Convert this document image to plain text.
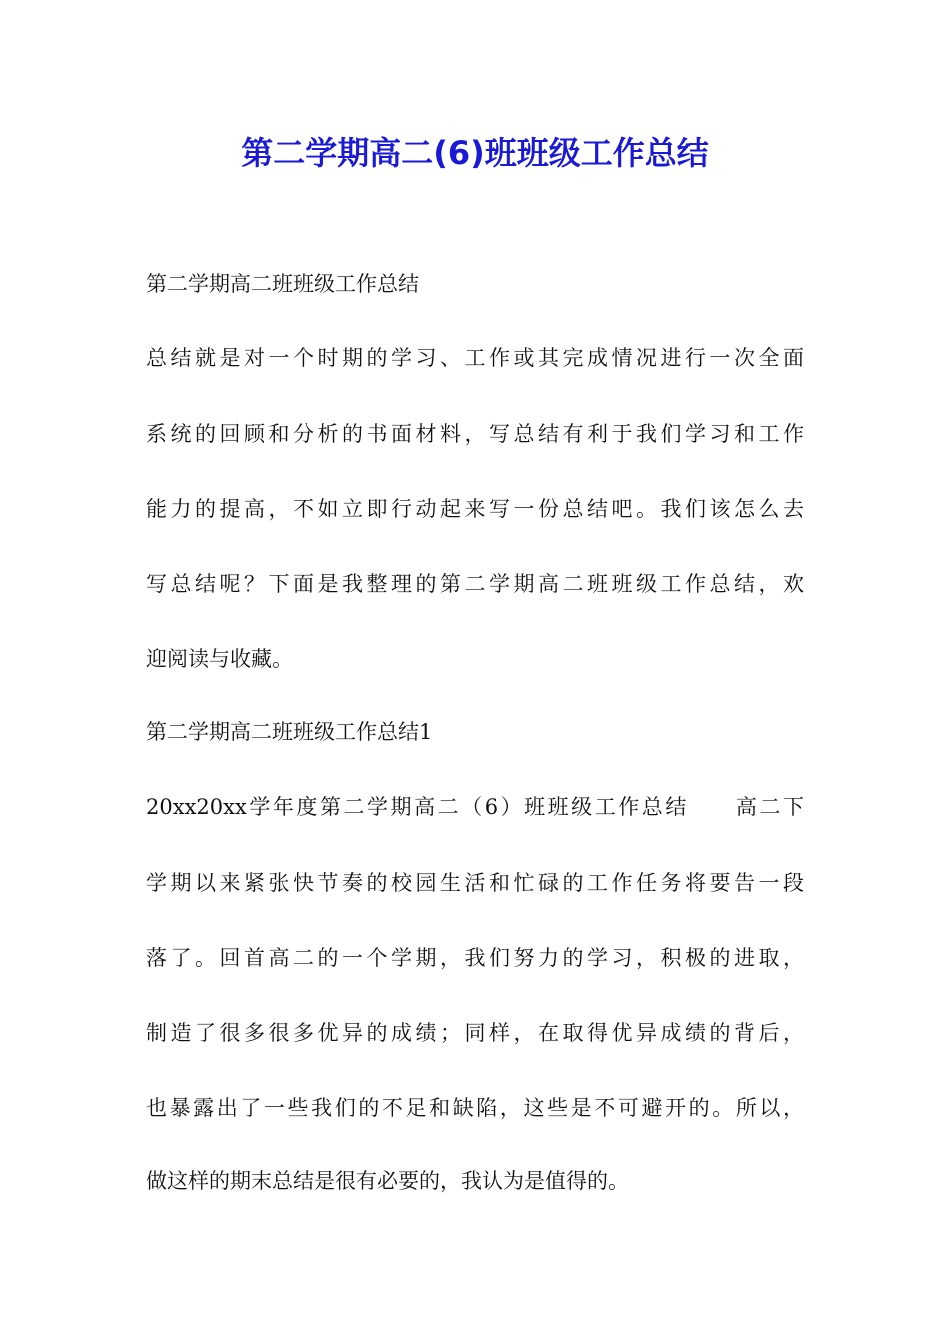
第二学期高二(6)班班级工作总结
第二学期高二班班级工作总结
总结就是对一个时期的学习、工作或其完成情况进行一次全面
系统的回顾和分析的书面材料，写总结有利于我们学习和工作
能力的提高，不如立即行动起来写一份总结吧。我们该怎么去
写总结呢？下面是我整理的第二学期高二班班级工作总结，欢
迎阅读与收藏。
第二学期高二班班级工作总结1
20xx20xx学年度第二学期高二（6）班班级工作总结　　高二下
学期以来紧张快节奏的校园生活和忙碌的工作任务将要告一段
落了。回首高二的一个学期，我们努力的学习，积极的进取，
制造了很多很多优异的成绩；同样，在取得优异成绩的背后，
也暴露出了一些我们的不足和缺陷，这些是不可避开的。所以，
做这样的期末总结是很有必要的，我认为是值得的。
